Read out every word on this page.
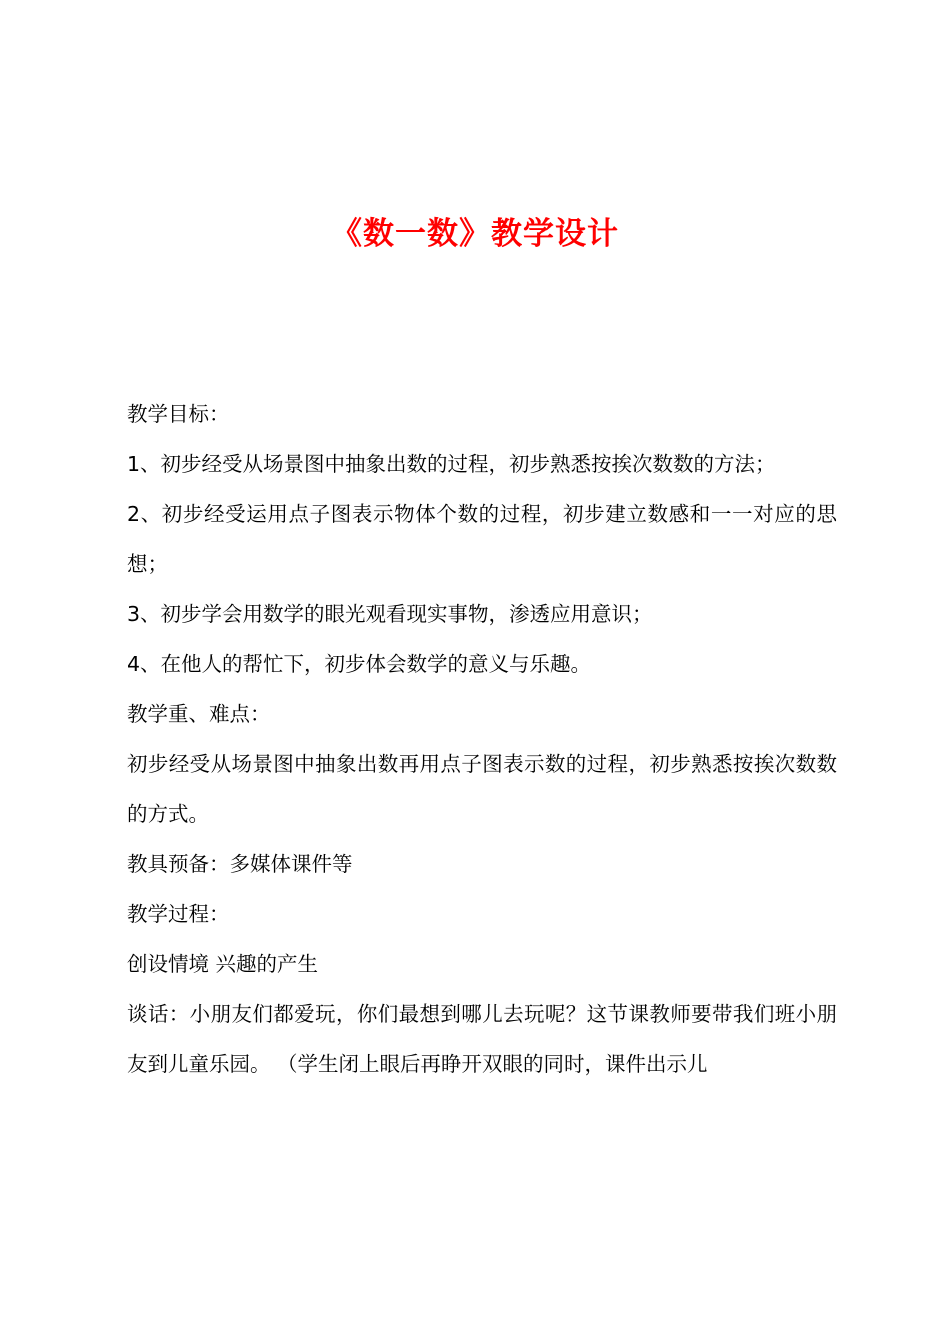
《数一数》教学设计

教学目标：

1、初步经受从场景图中抽象出数的过程，初步熟悉按挨次数数的方法；

2、初步经受运用点子图表示物体个数的过程，初步建立数感和一一对应的思想；

3、初步学会用数学的眼光观看现实事物，渗透应用意识；

4、在他人的帮忙下，初步体会数学的意义与乐趣。

教学重、难点：

初步经受从场景图中抽象出数再用点子图表示数的过程，初步熟悉按挨次数数的方式。

教具预备：多媒体课件等

教学过程：

创设情境 兴趣的产生

谈话：小朋友们都爱玩，你们最想到哪儿去玩呢？这节课教师要带我们班小朋友到儿童乐园。 （学生闭上眼后再睁开双眼的同时，课件出示儿
